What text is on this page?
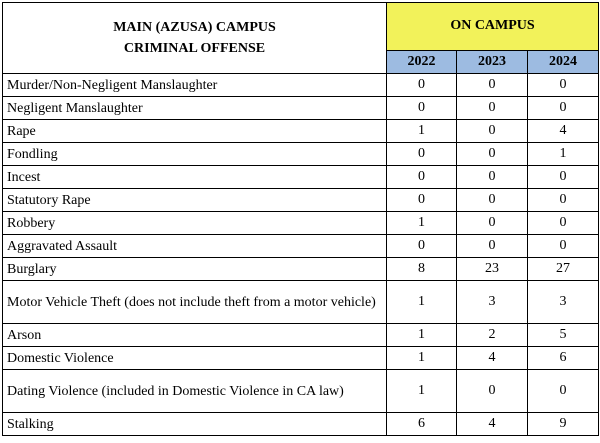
MAIN (AZUSA) CAMPUS
CRIMINAL OFFENSE	ON CAMPUS		
	2022	2023	2024
Murder/Non-Negligent Manslaughter	0	0	0
Negligent Manslaughter	0	0	0
Rape	1	0	4
Fondling	0	0	1
Incest	0	0	0
Statutory Rape	0	0	0
Robbery	1	0	0
Aggravated Assault	0	0	0
Burglary	8	23	27
Motor Vehicle Theft (does not include theft from a motor vehicle)	1	3	3
Arson	1	2	5
Domestic Violence	1	4	6
Dating Violence (included in Domestic Violence in CA law)	1	0	0
Stalking	6	4	9
